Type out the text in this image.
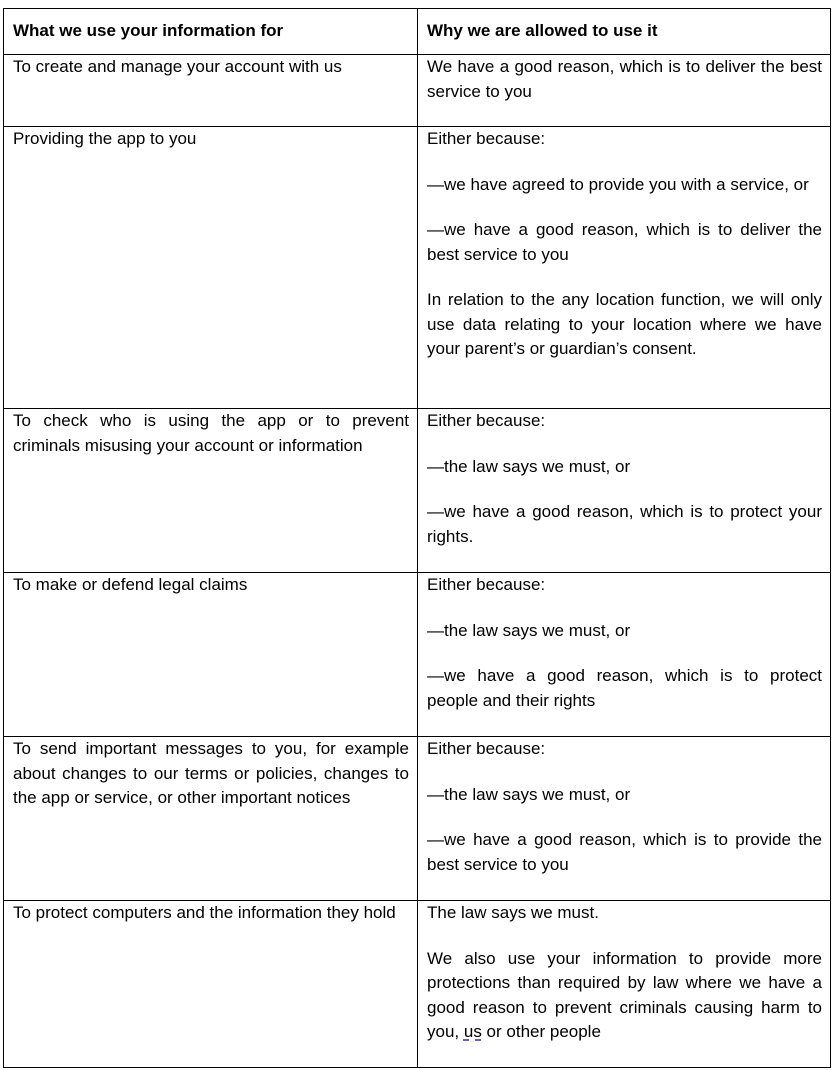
What we use your information for	Why we are allowed to use it

To create and manage your account with us	We have a good reason, which is to deliver the best service to you

Providing the app to you	Either because:

—we have agreed to provide you with a service, or

—we have a good reason, which is to deliver the best service to you

In relation to the any location function, we will only use data relating to your location where we have your parent’s or guardian’s consent.

To check who is using the app or to prevent criminals misusing your account or information	Either because:

—the law says we must, or

—we have a good reason, which is to protect your rights.

To make or defend legal claims	Either because:

—the law says we must, or

—we have a good reason, which is to protect people and their rights

To send important messages to you, for example about changes to our terms or policies, changes to the app or service, or other important notices	Either because:

—the law says we must, or

—we have a good reason, which is to provide the best service to you

To protect computers and the information they hold	The law says we must.

We also use your information to provide more protections than required by law where we have a good reason to prevent criminals causing harm to you, us or other people
